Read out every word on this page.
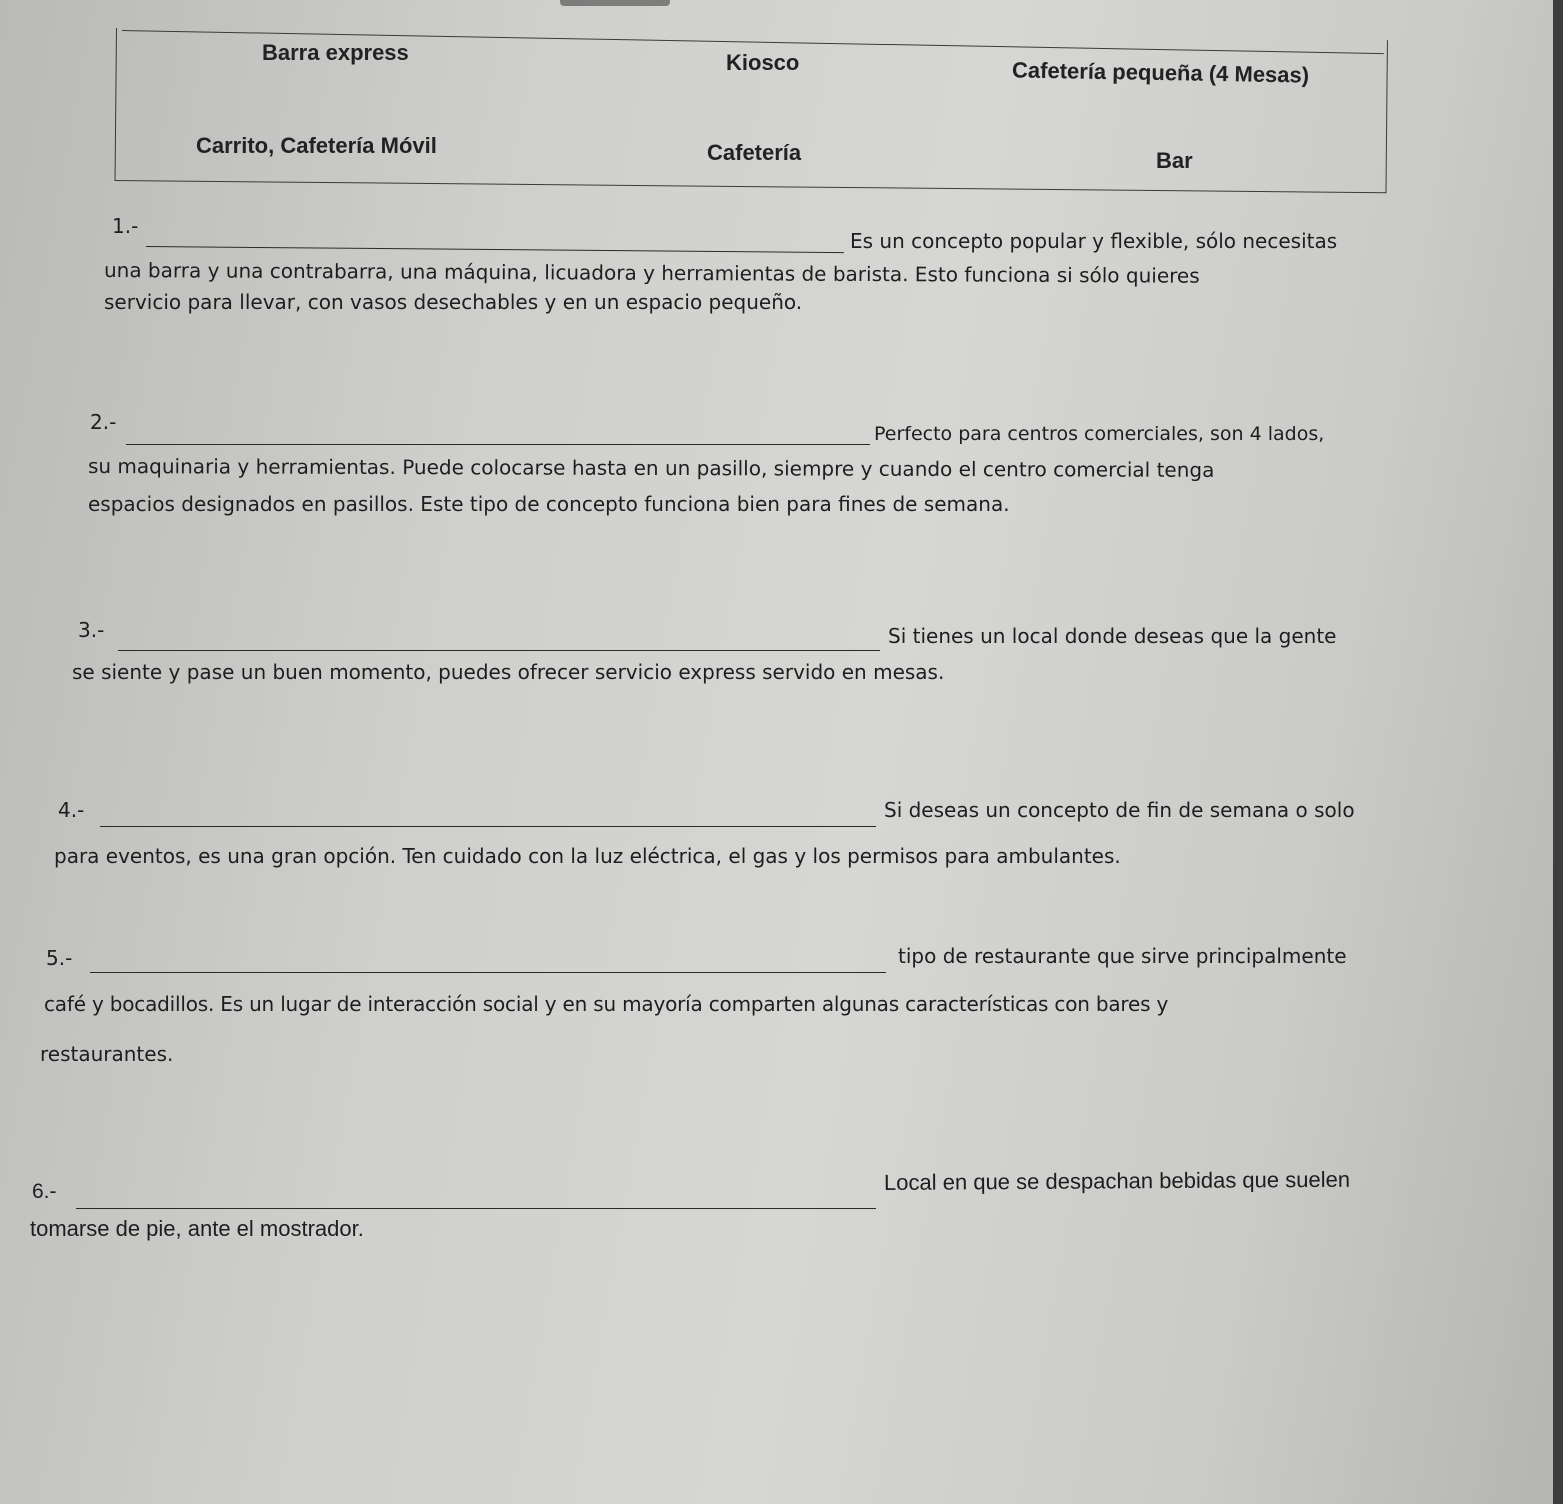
Barra express	Kiosco	Cafetería pequeña (4 Mesas)
Carrito, Cafetería Móvil	Cafetería	Bar
1.-
Es un concepto popular y flexible, sólo necesitas
una barra y una contrabarra, una máquina, licuadora y herramientas de barista. Esto funciona si sólo quieres
servicio para llevar, con vasos desechables y en un espacio pequeño.
2.-	Perfecto para centros comerciales, son 4 lados,
su maquinaria y herramientas. Puede colocarse hasta en un pasillo, siempre y cuando el centro comercial tenga
espacios designados en pasillos. Este tipo de concepto funciona bien para fines de semana.
3.-	Si tienes un local donde deseas que la gente
se siente y pase un buen momento, puedes ofrecer servicio express servido en mesas.
4.-	Si deseas un concepto de fin de semana o solo
para eventos, es una gran opción. Ten cuidado con la luz eléctrica, el gas y los permisos para ambulantes.
5.-	tipo de restaurante que sirve principalmente
café y bocadillos. Es un lugar de interacción social y en su mayoría comparten algunas características con bares y
restaurantes.
6.-	Local en que se despachan bebidas que suelen
tomarse de pie, ante el mostrador.
